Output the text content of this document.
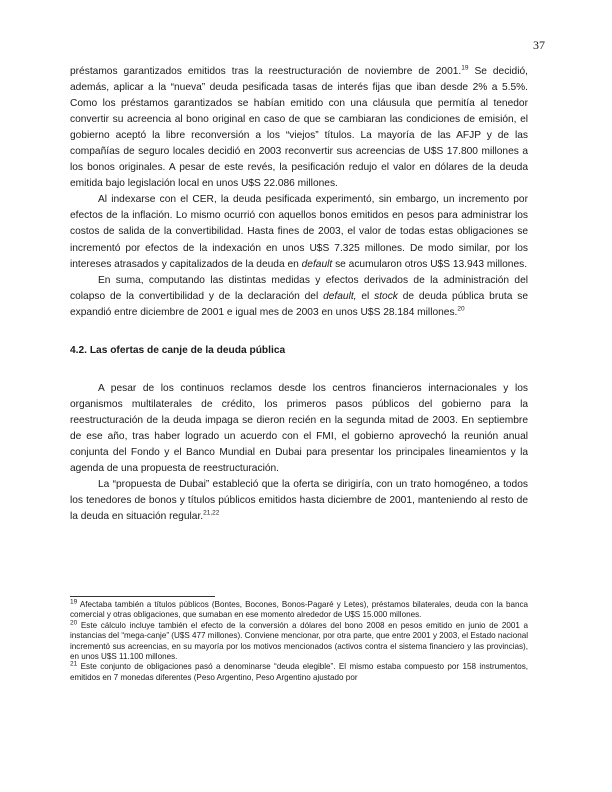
37

préstamos garantizados emitidos tras la reestructuración de noviembre de 2001.19 Se decidió, además, aplicar a la “nueva” deuda pesificada tasas de interés fijas que iban desde 2% a 5.5%. Como los préstamos garantizados se habían emitido con una cláusula que permitía al tenedor convertir su acreencia al bono original en caso de que se cambiaran las condiciones de emisión, el gobierno aceptó la libre reconversión a los “viejos” títulos. La mayoría de las AFJP y de las compañías de seguro locales decidió en 2003 reconvertir sus acreencias de U$S 17.800 millones a los bonos originales. A pesar de este revés, la pesificación redujo el valor en dólares de la deuda emitida bajo legislación local en unos U$S 22.086 millones.

Al indexarse con el CER, la deuda pesificada experimentó, sin embargo, un incremento por efectos de la inflación. Lo mismo ocurrió con aquellos bonos emitidos en pesos para administrar los costos de salida de la convertibilidad. Hasta fines de 2003, el valor de todas estas obligaciones se incrementó por efectos de la indexación en unos U$S 7.325 millones. De modo similar, por los intereses atrasados y capitalizados de la deuda en default se acumularon otros U$S 13.943 millones.

En suma, computando las distintas medidas y efectos derivados de la administración del colapso de la convertibilidad y de la declaración del default, el stock de deuda pública bruta se expandió entre diciembre de 2001 e igual mes de 2003 en unos U$S 28.184 millones.$^{20}$

4.2. Las ofertas de canje de la deuda pública

A pesar de los continuos reclamos desde los centros financieros internacionales y los organismos multilaterales de crédito, los primeros pasos públicos del gobierno para la reestructuración de la deuda impaga se dieron recién en la segunda mitad de 2003. En septiembre de ese año, tras haber logrado un acuerdo con el FMI, el gobierno aprovechó la reunión anual conjunta del Fondo y el Banco Mundial en Dubai para presentar los principales lineamientos y la agenda de una propuesta de reestructuración.

La “propuesta de Dubai” estableció que la oferta se dirigiría, con un trato homogéneo, a todos los tenedores de bonos y títulos públicos emitidos hasta diciembre de 2001, manteniendo al resto de la deuda en situación regular.$^{21,22}$

$^{19}$ Afectaba también a títulos públicos (Bontes, Bocones, Bonos-Pagaré y Letes), préstamos bilaterales, deuda con la banca comercial y otras obligaciones, que sumaban en ese momento alrededor de U$S 15.000 millones.

$^{20}$ Este cálculo incluye también el efecto de la conversión a dólares del bono 2008 en pesos emitido en junio de 2001 a instancias del “mega-canje” (U$S 477 millones). Conviene mencionar, por otra parte, que entre 2001 y 2003, el Estado nacional incrementó sus acreencias, en su mayoría por los motivos mencionados (activos contra el sistema financiero y las provincias), en unos U$S 11.100 millones.

$^{21}$ Este conjunto de obligaciones pasó a denominarse “deuda elegible”. El mismo estaba compuesto por 158 instrumentos, emitidos en 7 monedas diferentes (Peso Argentino, Peso Argentino ajustado por
